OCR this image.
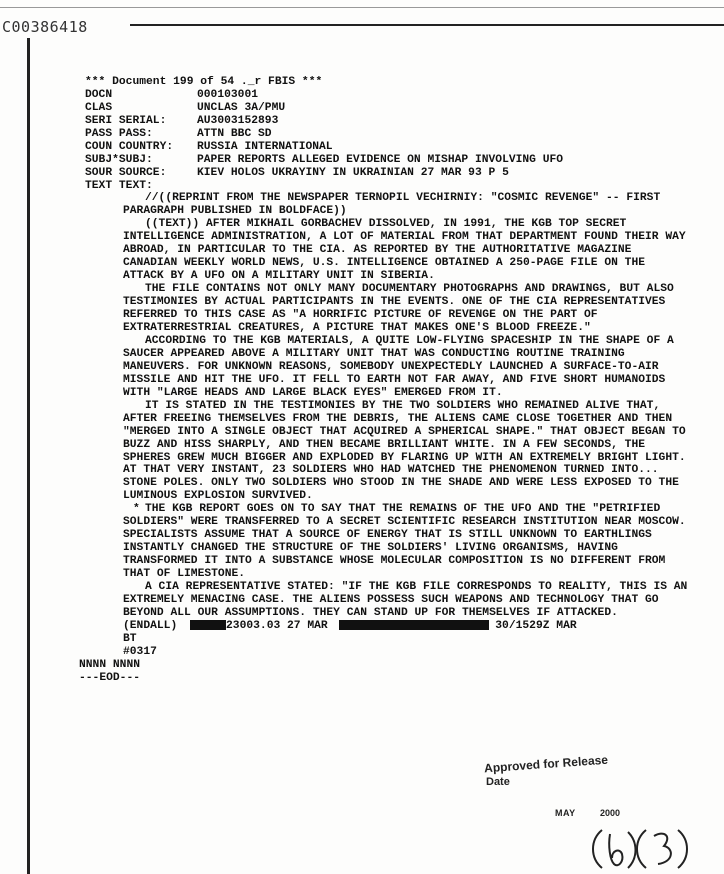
C00386418
*** Document 199 of 54 ._r FBIS ***
DOCN	000103001
CLAS	UNCLAS 3A/PMU
SERI SERIAL:	AU3003152893
PASS PASS:	ATTN BBC SD
COUN COUNTRY: RUSSIA INTERNATIONAL
SUBJ*SUBJ:	PAPER REPORTS ALLEGED EVIDENCE ON MISHAP INVOLVING UFO
SOUR SOURCE:	KIEV HOLOS UKRAYINY IN UKRAINIAN 27 MAR 93 P 5
TEXT TEXT:
//((REPRINT FROM THE NEWSPAPER TERNOPIL VECHIRNIY: "COSMIC REVENGE" -- FIRST PARAGRAPH PUBLISHED IN BOLDFACE))
((TEXT)) AFTER MIKHAIL GORBACHEV DISSOLVED, IN 1991, THE KGB TOP SECRET INTELLIGENCE ADMINISTRATION, A LOT OF MATERIAL FROM THAT DEPARTMENT FOUND THEIR WAY ABROAD, IN PARTICULAR TO THE CIA. AS REPORTED BY THE AUTHORITATIVE MAGAZINE CANADIAN WEEKLY WORLD NEWS, U.S. INTELLIGENCE OBTAINED A 250-PAGE FILE ON THE ATTACK BY A UFO ON A MILITARY UNIT IN SIBERIA.
THE FILE CONTAINS NOT ONLY MANY DOCUMENTARY PHOTOGRAPHS AND DRAWINGS, BUT ALSO TESTIMONIES BY ACTUAL PARTICIPANTS IN THE EVENTS. ONE OF THE CIA REPRESENTATIVES REFERRED TO THIS CASE AS "A HORRIFIC PICTURE OF REVENGE ON THE PART OF EXTRATERRESTRIAL CREATURES, A PICTURE THAT MAKES ONE'S BLOOD FREEZE."
ACCORDING TO THE KGB MATERIALS, A QUITE LOW-FLYING SPACESHIP IN THE SHAPE OF A SAUCER APPEARED ABOVE A MILITARY UNIT THAT WAS CONDUCTING ROUTINE TRAINING MANEUVERS. FOR UNKNOWN REASONS, SOMEBODY UNEXPECTEDLY LAUNCHED A SURFACE-TO-AIR MISSILE AND HIT THE UFO. IT FELL TO EARTH NOT FAR AWAY, AND FIVE SHORT HUMANOIDS WITH "LARGE HEADS AND LARGE BLACK EYES" EMERGED FROM IT.
IT IS STATED IN THE TESTIMONIES BY THE TWO SOLDIERS WHO REMAINED ALIVE THAT, AFTER FREEING THEMSELVES FROM THE DEBRIS, THE ALIENS CAME CLOSE TOGETHER AND THEN "MERGED INTO A SINGLE OBJECT THAT ACQUIRED A SPHERICAL SHAPE." THAT OBJECT BEGAN TO BUZZ AND HISS SHARPLY, AND THEN BECAME BRILLIANT WHITE. IN A FEW SECONDS, THE SPHERES GREW MUCH BIGGER AND EXPLODED BY FLARING UP WITH AN EXTREMELY BRIGHT LIGHT. AT THAT VERY INSTANT, 23 SOLDIERS WHO HAD WATCHED THE PHENOMENON TURNED INTO... STONE POLES. ONLY TWO SOLDIERS WHO STOOD IN THE SHADE AND WERE LESS EXPOSED TO THE LUMINOUS EXPLOSION SURVIVED.
* THE KGB REPORT GOES ON TO SAY THAT THE REMAINS OF THE UFO AND THE "PETRIFIED SOLDIERS" WERE TRANSFERRED TO A SECRET SCIENTIFIC RESEARCH INSTITUTION NEAR MOSCOW. SPECIALISTS ASSUME THAT A SOURCE OF ENERGY THAT IS STILL UNKNOWN TO EARTHLINGS INSTANTLY CHANGED THE STRUCTURE OF THE SOLDIERS' LIVING ORGANISMS, HAVING TRANSFORMED IT INTO A SUBSTANCE WHOSE MOLECULAR COMPOSITION IS NO DIFFERENT FROM THAT OF LIMESTONE.
A CIA REPRESENTATIVE STATED: "IF THE KGB FILE CORRESPONDS TO REALITY, THIS IS AN EXTREMELY MENACING CASE. THE ALIENS POSSESS SUCH WEAPONS AND TECHNOLOGY THAT GO BEYOND ALL OUR ASSUMPTIONS. THEY CAN STAND UP FOR THEMSELVES IF ATTACKED.
(ENDALL)	23003.03 27 MAR	30/1529Z MAR
BT
#0317
NNNN NNNN
---EOD---
Approved for Release
Date
MAY	2000
